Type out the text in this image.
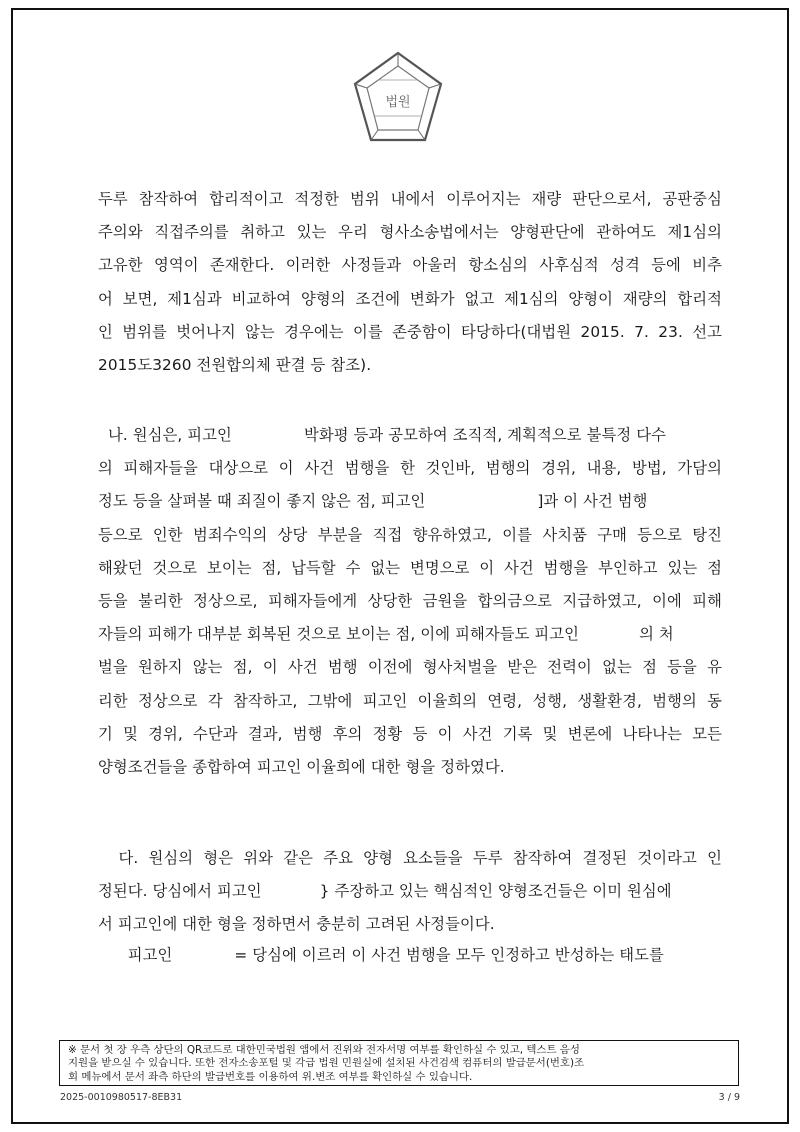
법원
두루 참작하여 합리적이고 적정한 범위 내에서 이루어지는 재량 판단으로서, 공판중심
주의와 직접주의를 취하고 있는 우리 형사소송법에서는 양형판단에 관하여도 제1심의
고유한 영역이 존재한다. 이러한 사정들과 아울러 항소심의 사후심적 성격 등에 비추
어 보면, 제1심과 비교하여 양형의 조건에 변화가 없고 제1심의 양형이 재량의 합리적
인 범위를 벗어나지 않는 경우에는 이를 존중함이 타당하다(대법원 2015. 7. 23. 선고
2015도3260 전원합의체 판결 등 참조).
나. 원심은, 피고인	박화평 등과 공모하여 조직적, 계획적으로 불특정 다수
의 피해자들을 대상으로 이 사건 범행을 한 것인바, 범행의 경위, 내용, 방법, 가담의
정도 등을 살펴볼 때 죄질이 좋지 않은 점, 피고인	]과 이 사건 범행
등으로 인한 범죄수익의 상당 부분을 직접 향유하였고, 이를 사치품 구매 등으로 탕진
해왔던 것으로 보이는 점, 납득할 수 없는 변명으로 이 사건 범행을 부인하고 있는 점
등을 불리한 정상으로, 피해자들에게 상당한 금원을 합의금으로 지급하였고, 이에 피해
자들의 피해가 대부분 회복된 것으로 보이는 점, 이에 피해자들도 피고인	의 처
벌을 원하지 않는 점, 이 사건 범행 이전에 형사처벌을 받은 전력이 없는 점 등을 유
리한 정상으로 각 참작하고, 그밖에 피고인 이율희의 연령, 성행, 생활환경, 범행의 동
기 및 경위, 수단과 결과, 범행 후의 정황 등 이 사건 기록 및 변론에 나타나는 모든
양형조건들을 종합하여 피고인 이율희에 대한 형을 정하였다.
다. 원심의 형은 위와 같은 주요 양형 요소들을 두루 참작하여 결정된 것이라고 인
정된다. 당심에서 피고인	} 주장하고 있는 핵심적인 양형조건들은 이미 원심에
서 피고인에 대한 형을 정하면서 충분히 고려된 사정들이다.
피고인	= 당심에 이르러 이 사건 범행을 모두 인정하고 반성하는 태도를
※ 문서 첫 장 우측 상단의 QR코드로 대한민국법원 앱에서 진위와 전자서명 여부를 확인하실 수 있고, 텍스트 음성
지원을 받으실 수 있습니다. 또한 전자소송포털 및 각급 법원 민원실에 설치된 사건검색 컴퓨터의 발급문서(번호)조
회 메뉴에서 문서 좌측 하단의 발급번호를 이용하여 위.변조 여부를 확인하실 수 있습니다.
2025-0010980517-8EB31	3 / 9
